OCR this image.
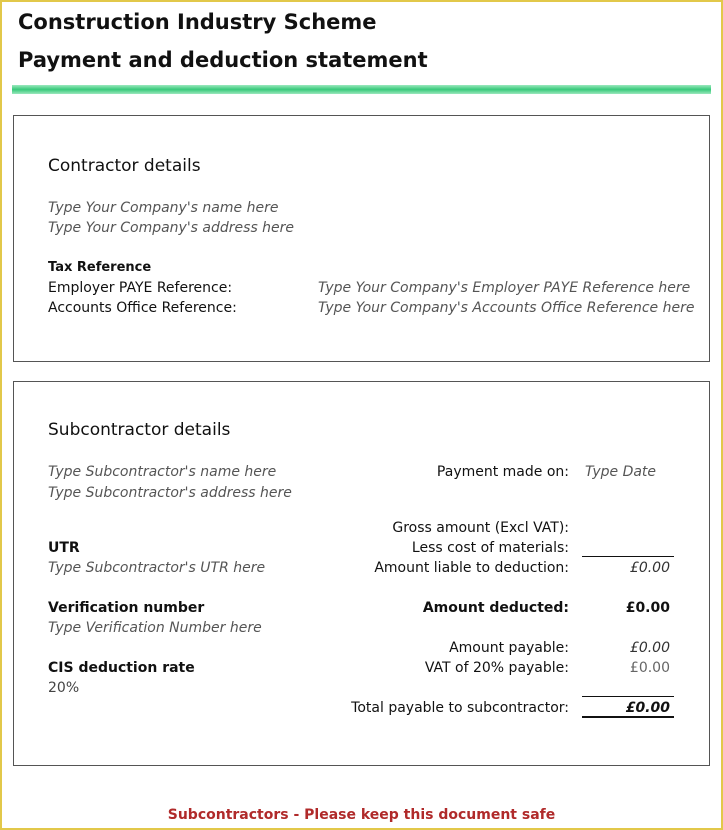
Construction Industry Scheme
Payment and deduction statement
Contractor details
Type Your Company's name here
Type Your Company's address here
Tax Reference
Employer PAYE Reference:	Type Your Company's Employer PAYE Reference here
Accounts Office Reference:	Type Your Company's Accounts Office Reference here
Subcontractor details
Type Subcontractor's name here
Type Subcontractor's address here
UTR
Type Subcontractor's UTR here
Verification number
Type Verification Number here
CIS deduction rate
20%
Payment made on: Type Date
Gross amount (Excl VAT):
Less cost of materials:
Amount liable to deduction:	£0.00
Amount deducted:	£0.00
Amount payable:	£0.00
VAT of 20% payable:	£0.00
Total payable to subcontractor:	£0.00
Subcontractors - Please keep this document safe
